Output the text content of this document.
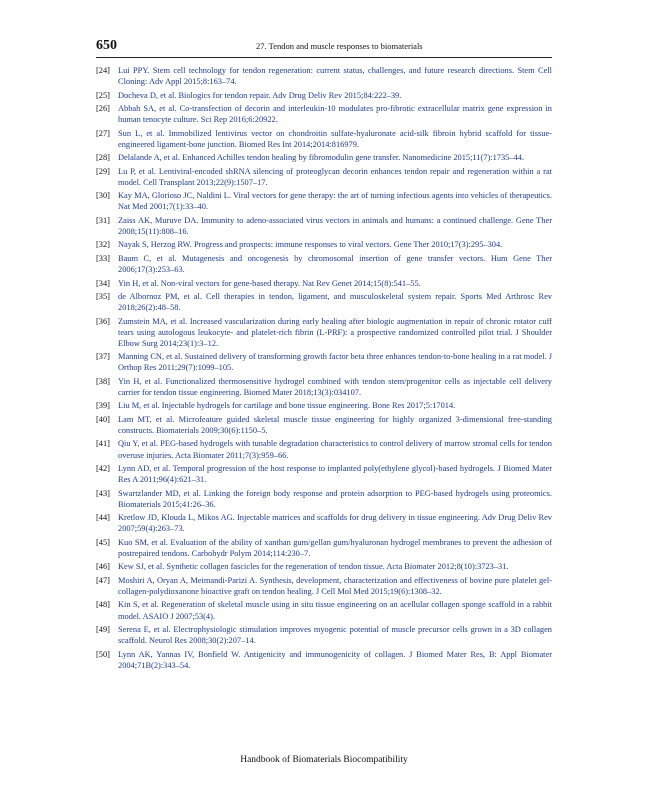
650	27. Tendon and muscle responses to biomaterials
[24] Lui PPY. Stem cell technology for tendon regeneration: current status, challenges, and future research directions. Stem Cell Cloning: Adv Appl 2015;8:163–74.
[25] Docheva D, et al. Biologics for tendon repair. Adv Drug Deliv Rev 2015;84:222–39.
[26] Abbah SA, et al. Co-transfection of decorin and interleukin-10 modulates pro-fibrotic extracellular matrix gene expression in human tenocyte culture. Sci Rep 2016;6:20922.
[27] Sun L, et al. Immobilized lentivirus vector on chondroitin sulfate-hyaluronate acid-silk fibroin hybrid scaffold for tissue-engineered ligament-bone junction. Biomed Res Int 2014;2014:816979.
[28] Delalande A, et al. Enhanced Achilles tendon healing by fibromodulin gene transfer. Nanomedicine 2015;11(7):1735–44.
[29] Lu P, et al. Lentiviral-encoded shRNA silencing of proteoglycan decorin enhances tendon repair and regeneration within a rat model. Cell Transplant 2013;22(9):1507–17.
[30] Kay MA, Glorioso JC, Naldini L. Viral vectors for gene therapy: the art of turning infectious agents into vehicles of therapeutics. Nat Med 2001;7(1):33–40.
[31] Zaiss AK, Muruve DA. Immunity to adeno-associated virus vectors in animals and humans: a continued challenge. Gene Ther 2008;15(11):808–16.
[32] Nayak S, Herzog RW. Progress and prospects: immune responses to viral vectors. Gene Ther 2010;17(3):295–304.
[33] Baum C, et al. Mutagenesis and oncogenesis by chromosomal insertion of gene transfer vectors. Hum Gene Ther 2006;17(3):253–63.
[34] Yin H, et al. Non-viral vectors for gene-based therapy. Nat Rev Genet 2014;15(8):541–55.
[35] de Albornoz PM, et al. Cell therapies in tendon, ligament, and musculoskeletal system repair. Sports Med Arthrosc Rev 2018;26(2):48–58.
[36] Zumstein MA, et al. Increased vascularization during early healing after biologic augmentation in repair of chronic rotator cuff tears using autologous leukocyte- and platelet-rich fibrin (L-PRF): a prospective randomized controlled pilot trial. J Shoulder Elbow Surg 2014;23(1):3–12.
[37] Manning CN, et al. Sustained delivery of transforming growth factor beta three enhances tendon-to-bone healing in a rat model. J Orthop Res 2011;29(7):1099–105.
[38] Yin H, et al. Functionalized thermosensitive hydrogel combined with tendon stem/progenitor cells as injectable cell delivery carrier for tendon tissue engineering. Biomed Mater 2018;13(3):034107.
[39] Liu M, et al. Injectable hydrogels for cartilage and bone tissue engineering. Bone Res 2017;5:17014.
[40] Lam MT, et al. Microfeature guided skeletal muscle tissue engineering for highly organized 3-dimensional free-standing constructs. Biomaterials 2009;30(6):1150–5.
[41] Qiu Y, et al. PEG-based hydrogels with tunable degradation characteristics to control delivery of marrow stromal cells for tendon overuse injuries. Acta Biomater 2011;7(3):959–66.
[42] Lynn AD, et al. Temporal progression of the host response to implanted poly(ethylene glycol)-based hydrogels. J Biomed Mater Res A 2011;96(4):621–31.
[43] Swartzlander MD, et al. Linking the foreign body response and protein adsorption to PEG-based hydrogels using proteomics. Biomaterials 2015;41:26–36.
[44] Kretlow JD, Klouda L, Mikos AG. Injectable matrices and scaffolds for drug delivery in tissue engineering. Adv Drug Deliv Rev 2007;59(4):263–73.
[45] Kuo SM, et al. Evaluation of the ability of xanthan gum/gellan gum/hyaluronan hydrogel membranes to prevent the adhesion of postrepaired tendons. Carbohydr Polym 2014;114:230–7.
[46] Kew SJ, et al. Synthetic collagen fascicles for the regeneration of tendon tissue. Acta Biomater 2012;8(10):3723–31.
[47] Moshiri A, Oryan A, Meimandi-Parizi A. Synthesis, development, characterization and effectiveness of bovine pure platelet gel-collagen-polydioxanone bioactive graft on tendon healing. J Cell Mol Med 2015;19(6):1308–32.
[48] Kin S, et al. Regeneration of skeletal muscle using in situ tissue engineering on an acellular collagen sponge scaffold in a rabbit model. ASAIO J 2007;53(4).
[49] Serena E, et al. Electrophysiologic stimulation improves myogenic potential of muscle precursor cells grown in a 3D collagen scaffold. Neurol Res 2008;30(2):207–14.
[50] Lynn AK, Yannas IV, Bonfield W. Antigenicity and immunogenicity of collagen. J Biomed Mater Res, B: Appl Biomater 2004;71B(2):343–54.
Handbook of Biomaterials Biocompatibility
